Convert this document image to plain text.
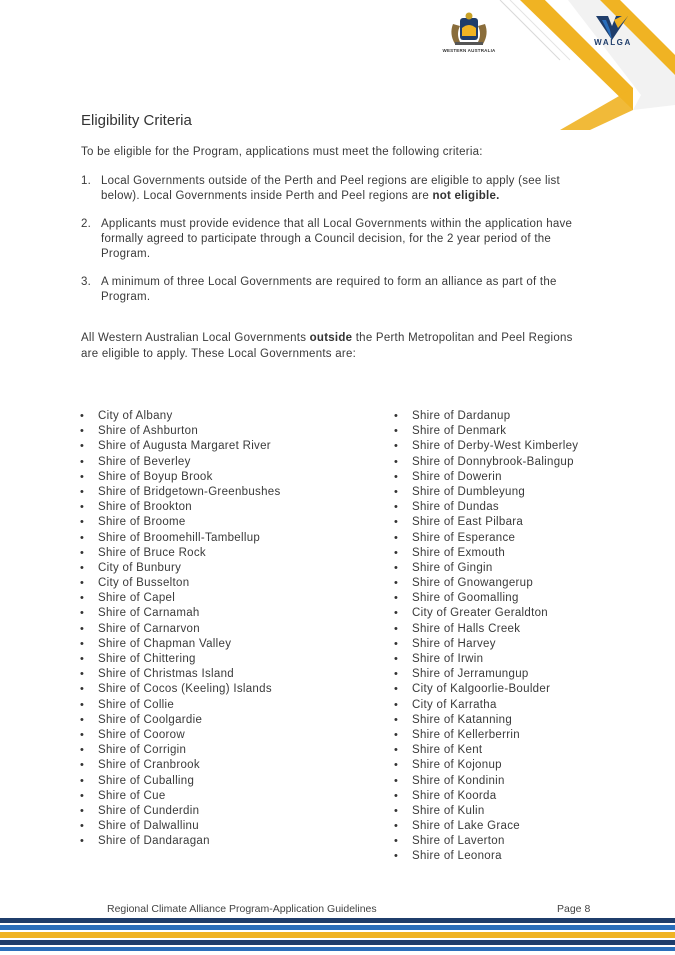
WESTERN AUSTRALIA
WALGA
Eligibility Criteria
To be eligible for the Program, applications must meet the following criteria:
1. Local Governments outside of the Perth and Peel regions are eligible to apply (see list below). Local Governments inside Perth and Peel regions are not eligible.
2. Applicants must provide evidence that all Local Governments within the application have formally agreed to participate through a Council decision, for the 2 year period of the Program.
3. A minimum of three Local Governments are required to form an alliance as part of the Program.
All Western Australian Local Governments outside the Perth Metropolitan and Peel Regions are eligible to apply. These Local Governments are:
• City of Albany
• Shire of Ashburton
• Shire of Augusta Margaret River
• Shire of Beverley
• Shire of Boyup Brook
• Shire of Bridgetown-Greenbushes
• Shire of Brookton
• Shire of Broome
• Shire of Broomehill-Tambellup
• Shire of Bruce Rock
• City of Bunbury
• City of Busselton
• Shire of Capel
• Shire of Carnamah
• Shire of Carnarvon
• Shire of Chapman Valley
• Shire of Chittering
• Shire of Christmas Island
• Shire of Cocos (Keeling) Islands
• Shire of Collie
• Shire of Coolgardie
• Shire of Coorow
• Shire of Corrigin
• Shire of Cranbrook
• Shire of Cuballing
• Shire of Cue
• Shire of Cunderdin
• Shire of Dalwallinu
• Shire of Dandaragan
• Shire of Dardanup
• Shire of Denmark
• Shire of Derby-West Kimberley
• Shire of Donnybrook-Balingup
• Shire of Dowerin
• Shire of Dumbleyung
• Shire of Dundas
• Shire of East Pilbara
• Shire of Esperance
• Shire of Exmouth
• Shire of Gingin
• Shire of Gnowangerup
• Shire of Goomalling
• City of Greater Geraldton
• Shire of Halls Creek
• Shire of Harvey
• Shire of Irwin
• Shire of Jerramungup
• City of Kalgoorlie-Boulder
• City of Karratha
• Shire of Katanning
• Shire of Kellerberrin
• Shire of Kent
• Shire of Kojonup
• Shire of Kondinin
• Shire of Koorda
• Shire of Kulin
• Shire of Lake Grace
• Shire of Laverton
• Shire of Leonora
Regional Climate Alliance Program-Application Guidelines	Page 8
